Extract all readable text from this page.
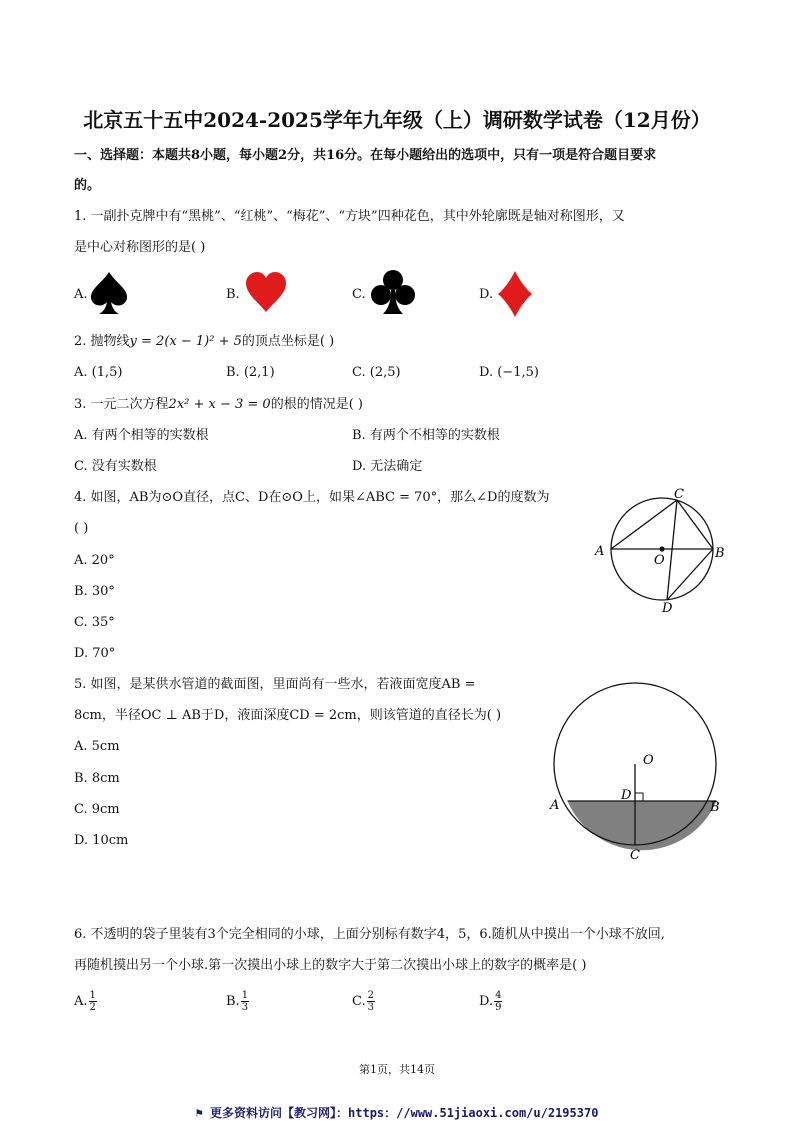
北京五十五中2024-2025学年九年级（上）调研数学试卷（12月份）
一、选择题：本题共8小题，每小题2分，共16分。在每小题给出的选项中，只有一项是符合题目要求
的。
1. 一副扑克牌中有“黑桃”、“红桃”、“梅花”、“方块”四种花色，其中外轮廓既是轴对称图形，又
是中心对称图形的是( )
A.	B.	C.	D.
2. 抛物线y = 2(x − 1)² + 5的顶点坐标是( )
A. (1,5)	B. (2,1)	C. (2,5)	D. (−1,5)
3. 一元二次方程2x² + x − 3 = 0的根的情况是( )
A. 有两个相等的实数根	B. 有两个不相等的实数根
C. 没有实数根	D. 无法确定
4. 如图，AB为⊙O直径，点C、D在⊙O上，如果∠ABC = 70°，那么∠D的度数为
( )
A. 20°
B. 30°
C. 35°
D. 70°
A	B
C
D
O
5. 如图，是某供水管道的截面图，里面尚有一些水，若液面宽度AB =
8cm，半径OC ⊥ AB于D，液面深度CD = 2cm，则该管道的直径长为( )
A. 5cm
B. 8cm
C. 9cm
D. 10cm
O
D
A	B
C
6. 不透明的袋子里装有3个完全相同的小球，上面分别标有数字4，5，6.随机从中摸出一个小球不放回,
再随机摸出另一个小球.第一次摸出小球上的数字大于第二次摸出小球上的数字的概率是( )
A. $\frac{1}{2}$	B. $\frac{1}{3}$	C. $\frac{2}{3}$	D. $\frac{4}{9}$
第1页，共14页
⚑ 更多资料访问【教习网】：https：//www.51jiaoxi.com/u/2195370
